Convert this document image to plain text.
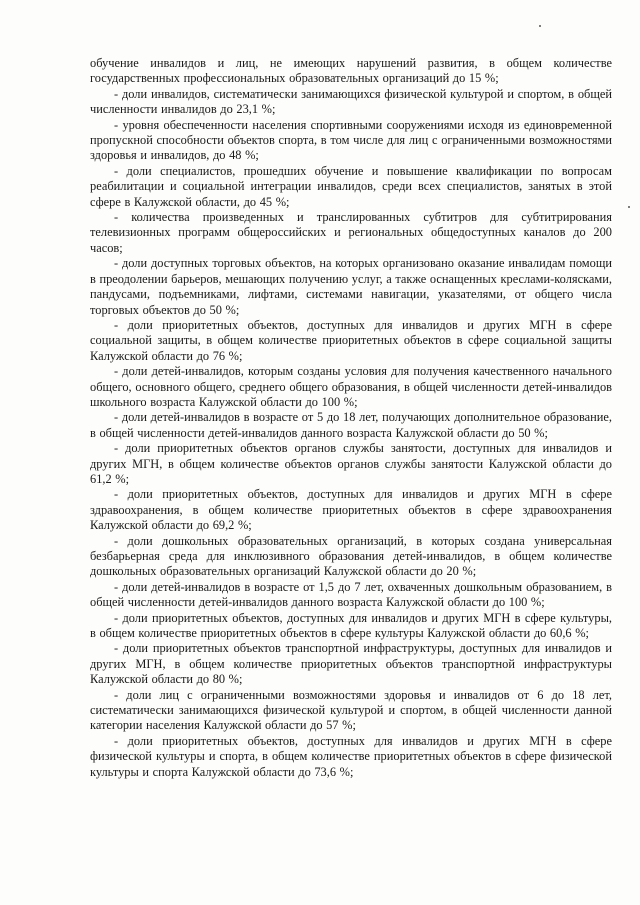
обучение инвалидов и лиц, не имеющих нарушений развития, в общем количестве государственных профессиональных образовательных организаций до 15 %;

- доли инвалидов, систематически занимающихся физической культурой и спортом, в общей численности инвалидов до 23,1 %;

- уровня обеспеченности населения спортивными сооружениями исходя из единовременной пропускной способности объектов спорта, в том числе для лиц с ограниченными возможностями здоровья и инвалидов, до 48 %;

- доли специалистов, прошедших обучение и повышение квалификации по вопросам реабилитации и социальной интеграции инвалидов, среди всех специалистов, занятых в этой сфере в Калужской области, до 45 %;

- количества произведенных и транслированных субтитров для субтитрирования телевизионных программ общероссийских и региональных общедоступных каналов до 200 часов;

- доли доступных торговых объектов, на которых организовано оказание инвалидам помощи в преодолении барьеров, мешающих получению услуг, а также оснащенных креслами-колясками, пандусами, подъемниками, лифтами, системами навигации, указателями, от общего числа торговых объектов до 50 %;

- доли приоритетных объектов, доступных для инвалидов и других МГН в сфере социальной защиты, в общем количестве приоритетных объектов в сфере социальной защиты Калужской области до 76 %;

- доли детей-инвалидов, которым созданы условия для получения качественного начального общего, основного общего, среднего общего образования, в общей численности детей-инвалидов школьного возраста Калужской области до 100 %;

- доли детей-инвалидов в возрасте от 5 до 18 лет, получающих дополнительное образование, в общей численности детей-инвалидов данного возраста Калужской области до 50 %;

- доли приоритетных объектов органов службы занятости, доступных для инвалидов и других МГН, в общем количестве объектов органов службы занятости Калужской области до 61,2 %;

- доли приоритетных объектов, доступных для инвалидов и других МГН в сфере здравоохранения, в общем количестве приоритетных объектов в сфере здравоохранения Калужской области до 69,2 %;

- доли дошкольных образовательных организаций, в которых создана универсальная безбарьерная среда для инклюзивного образования детей-инвалидов, в общем количестве дошкольных образовательных организаций Калужской области до 20 %;

- доли детей-инвалидов в возрасте от 1,5 до 7 лет, охваченных дошкольным образованием, в общей численности детей-инвалидов данного возраста Калужской области до 100 %;

- доли приоритетных объектов, доступных для инвалидов и других МГН в сфере культуры, в общем количестве приоритетных объектов в сфере культуры Калужской области до 60,6 %;

- доли приоритетных объектов транспортной инфраструктуры, доступных для инвалидов и других МГН, в общем количестве приоритетных объектов транспортной инфраструктуры Калужской области до 80 %;

- доли лиц с ограниченными возможностями здоровья и инвалидов от 6 до 18 лет, систематически занимающихся физической культурой и спортом, в общей численности данной категории населения Калужской области до 57 %;

- доли приоритетных объектов, доступных для инвалидов и других МГН в сфере физической культуры и спорта, в общем количестве приоритетных объектов в сфере физической культуры и спорта Калужской области до 73,6 %;
